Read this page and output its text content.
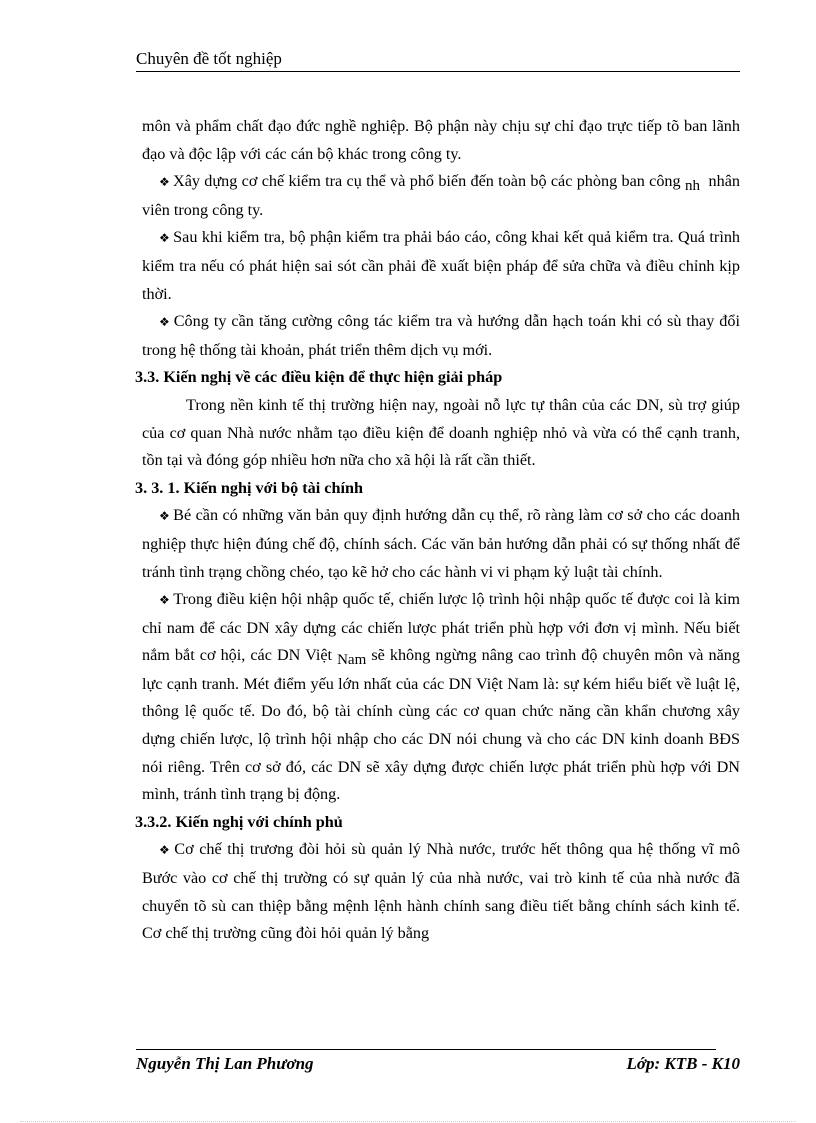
Chuyên đề tốt nghiệp

môn và phẩm chất đạo đức nghề nghiệp. Bộ phận này chịu sự chỉ đạo trực tiếp tõ ban lãnh đạo và độc lập với các cán bộ khác trong công ty.

❖ Xây dựng cơ chế kiểm tra cụ thể và phổ biến đến toàn bộ các phòng ban công nh nhân viên trong công ty.

❖ Sau khi kiểm tra, bộ phận kiểm tra phải báo cáo, công khai kết quả kiểm tra. Quá trình kiểm tra nếu có phát hiện sai sót cần phải đề xuất biện pháp để sửa chữa và điều chỉnh kịp thời.

❖ Công ty cần tăng cường công tác kiểm tra và hướng dẫn hạch toán khi có sù thay đổi trong hệ thống tài khoản, phát triển thêm dịch vụ mới.

3.3. Kiến nghị về các điều kiện để thực hiện giải pháp

Trong nền kinh tế thị trường hiện nay, ngoài nỗ lực tự thân của các DN, sù trợ giúp của cơ quan Nhà nước nhằm tạo điều kiện để doanh nghiệp nhỏ và vừa có thể cạnh tranh, tồn tại và đóng góp nhiều hơn nữa cho xã hội là rất cần thiết.

3. 3. 1. Kiến nghị với bộ tài chính

❖ Bé cần có những văn bản quy định hướng dẫn cụ thể, rõ ràng làm cơ sở cho các doanh nghiệp thực hiện đúng chế độ, chính sách. Các văn bản hướng dẫn phải có sự thống nhất để tránh tình trạng chồng chéo, tạo kẽ hở cho các hành vi vi phạm kỷ luật tài chính.

❖ Trong điều kiện hội nhập quốc tế, chiến lược lộ trình hội nhập quốc tế được coi là kim chỉ nam để các DN xây dựng các chiến lược phát triển phù hợp với đơn vị mình. Nếu biết nắm bắt cơ hội, các DN Việt Nam sẽ không ngừng nâng cao trình độ chuyên môn và năng lực cạnh tranh. Mét điểm yếu lớn nhất của các DN Việt Nam là: sự kém hiểu biết về luật lệ, thông lệ quốc tế. Do đó, bộ tài chính cùng các cơ quan chức năng cần khẩn chương xây dựng chiến lược, lộ trình hội nhập cho các DN nói chung và cho các DN kinh doanh BĐS nói riêng. Trên cơ sở đó, các DN sẽ xây dựng được chiến lược phát triển phù hợp với DN mình, tránh tình trạng bị động.

3.3.2. Kiến nghị với chính phủ

❖ Cơ chế thị trương đòi hỏi sù quản lý Nhà nước, trước hết thông qua hệ thống vĩ mô Bước vào cơ chế thị trường có sự quản lý của nhà nước, vai trò kinh tế của nhà nước đã chuyển tõ sù can thiệp bằng mệnh lệnh hành chính sang điều tiết bằng chính sách kinh tế. Cơ chế thị trường cũng đòi hỏi quản lý bằng

Nguyễn Thị Lan Phương	Lớp: KTB - K10
